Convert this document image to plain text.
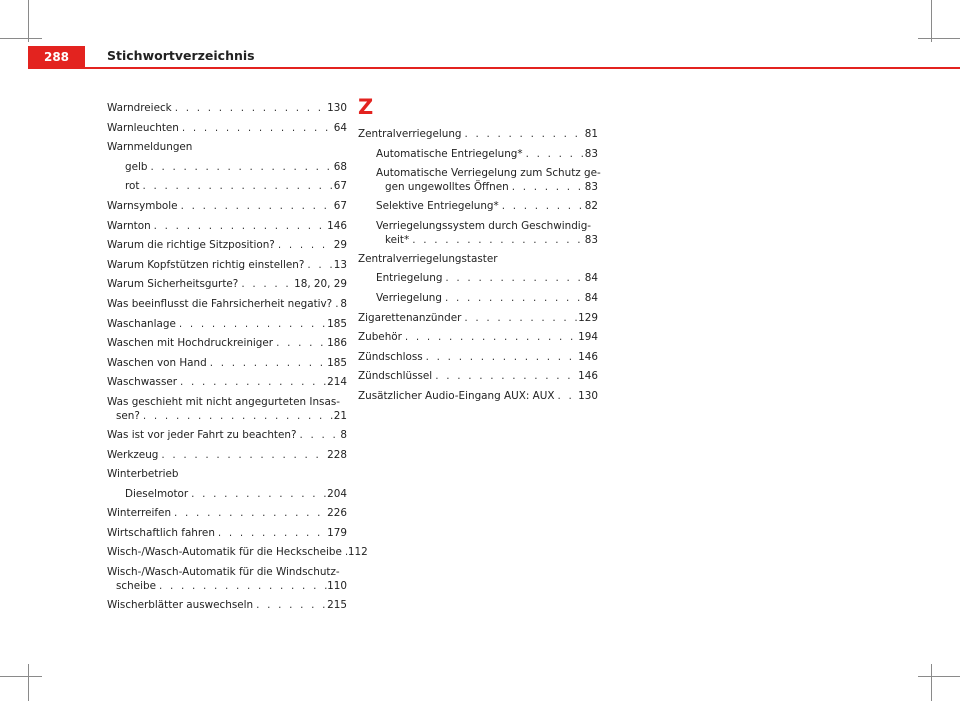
288	Stichwortverzeichnis
Warndreieck . . .	130
Warnleuchten . . .	64
Warnmeldungen
gelb . . .	68
rot . . .	67
Warnsymbole . . .	67
Warnton . . .	146
Warum die richtige Sitzposition? . . .	29
Warum Kopfstützen richtig einstellen? . . .	13
Warum Sicherheitsgurte? . . .	18, 20, 29
Was beeinflusst die Fahrsicherheit negativ? . . . 8
Waschanlage . . .	185
Waschen mit Hochdruckreiniger . . .	186
Waschen von Hand . . .	185
Waschwasser . . .	214
Was geschieht mit nicht angegurteten Insas-
sen? . . .	21
Was ist vor jeder Fahrt zu beachten? . . .	8
Werkzeug . . .	228
Winterbetrieb
Dieselmotor . . .	204
Winterreifen . . .	226
Wirtschaftlich fahren . . .	179
Wisch-/Wasch-Automatik für die Heckscheibe . . . 112
Wisch-/Wasch-Automatik für die Windschutz-
scheibe . . .	110
Wischerblätter auswechseln . . .	215
Z
Zentralverriegelung . . .	81
Automatische Entriegelung* . . .	83
Automatische Verriegelung zum Schutz ge-
gen ungewolltes Öffnen . . .	83
Selektive Entriegelung* . . .	82
Verriegelungssystem durch Geschwindig-
keit* . . .	83
Zentralverriegelungstaster
Entriegelung . . .	84
Verriegelung . . .	84
Zigarettenanzünder . . .	129
Zubehör . . .	194
Zündschloss . . .	146
Zündschlüssel . . .	146
Zusätzlicher Audio-Eingang AUX: AUX . . . 130
